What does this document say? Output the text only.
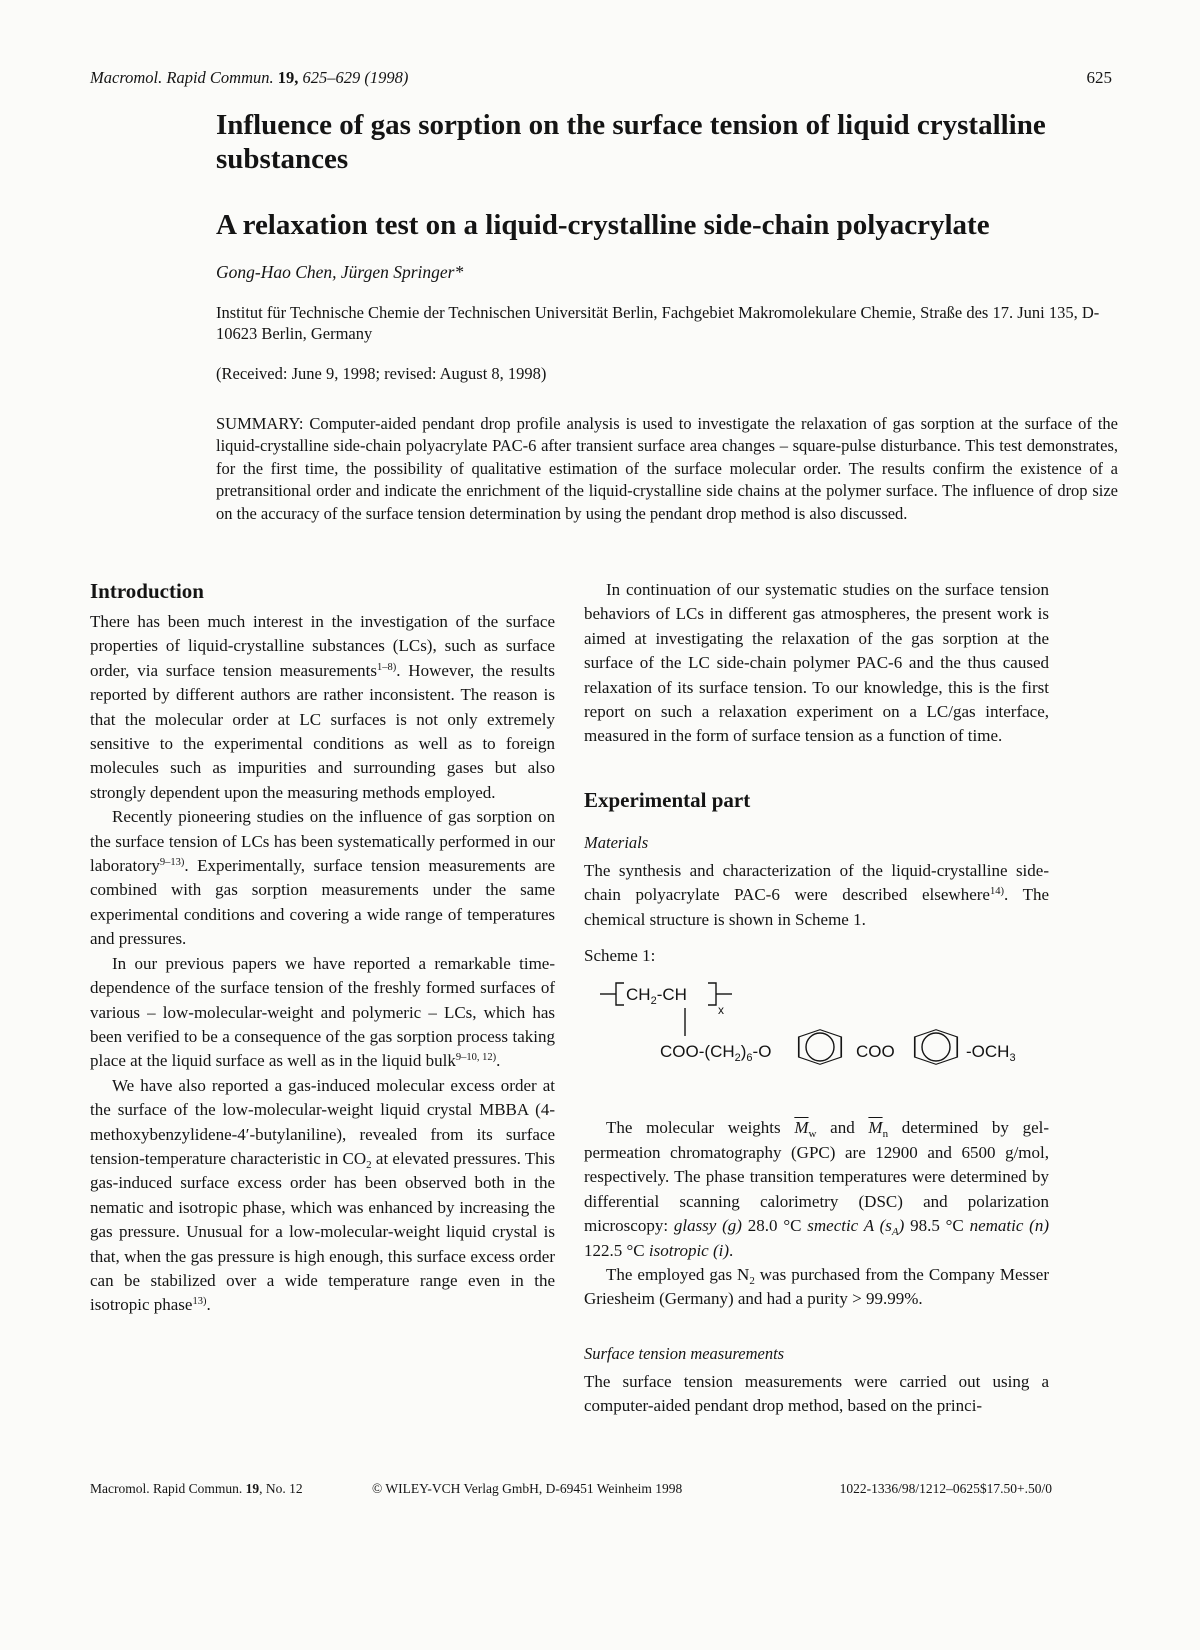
Macromol. Rapid Commun. 19, 625–629 (1998)	625
Influence of gas sorption on the surface tension of liquid crystalline substances
A relaxation test on a liquid-crystalline side-chain polyacrylate
Gong-Hao Chen, Jürgen Springer*
Institut für Technische Chemie der Technischen Universität Berlin, Fachgebiet Makromolekulare Chemie, Straße des 17. Juni 135, D-10623 Berlin, Germany
(Received: June 9, 1998; revised: August 8, 1998)
SUMMARY: Computer-aided pendant drop profile analysis is used to investigate the relaxation of gas sorption at the surface of the liquid-crystalline side-chain polyacrylate PAC-6 after transient surface area changes – square-pulse disturbance. This test demonstrates, for the first time, the possibility of qualitative estimation of the surface molecular order. The results confirm the existence of a pretransitional order and indicate the enrichment of the liquid-crystalline side chains at the polymer surface. The influence of drop size on the accuracy of the surface tension determination by using the pendant drop method is also discussed.
Introduction

There has been much interest in the investigation of the surface properties of liquid-crystalline substances (LCs), such as surface order, via surface tension measurements$^{1-8)}$. However, the results reported by different authors are rather inconsistent. The reason is that the molecular order at LC surfaces is not only extremely sensitive to the experimental conditions as well as to foreign molecules such as impurities and surrounding gases but also strongly dependent upon the measuring methods employed.

Recently pioneering studies on the influence of gas sorption on the surface tension of LCs has been systematically performed in our laboratory$^{9-13)}$. Experimentally, surface tension measurements are combined with gas sorption measurements under the same experimental conditions and covering a wide range of temperatures and pressures.

In our previous papers we have reported a remarkable time-dependence of the surface tension of the freshly formed surfaces of various – low-molecular-weight and polymeric – LCs, which has been verified to be a consequence of the gas sorption process taking place at the liquid surface as well as in the liquid bulk$^{9-10, 12)}$.

We have also reported a gas-induced molecular excess order at the surface of the low-molecular-weight liquid crystal MBBA (4-methoxybenzylidene-4′-butylaniline), revealed from its surface tension-temperature characteristic in $CO_2$ at elevated pressures. This gas-induced surface excess order has been observed both in the nematic and isotropic phase, which was enhanced by increasing the gas pressure. Unusual for a low-molecular-weight liquid crystal is that, when the gas pressure is high enough, this surface excess order can be stabilized over a wide temperature range even in the isotropic phase$^{13)}$.

In continuation of our systematic studies on the surface tension behaviors of LCs in different gas atmospheres, the present work is aimed at investigating the relaxation of the gas sorption at the surface of the LC side-chain polymer PAC-6 and the thus caused relaxation of its surface tension. To our knowledge, this is the first report on such a relaxation experiment on a LC/gas interface, measured in the form of surface tension as a function of time.

Experimental part
Materials

The synthesis and characterization of the liquid-crystalline side-chain polyacrylate PAC-6 were described elsewhere$^{14)}$. The chemical structure is shown in Scheme 1.

Scheme 1:

$CH_2-CH$
x
COO-$(CH_2)_6-O$	COO	$-OCH_3$

The molecular weights $\overline{M}_w$ and $\overline{M}_n$ determined by gel-permeation chromatography (GPC) are 12900 and 6500 g/mol, respectively. The phase transition temperatures were determined by differential scanning calorimetry (DSC) and polarization microscopy: glassy (g) 28.0 °C smectic A $(s_A)$ 98.5 °C nematic (n) 122.5 °C isotropic (i).

The employed gas $N_2$ was purchased from the Company Messer Griesheim (Germany) and had a purity > 99.99%.

Surface tension measurements

The surface tension measurements were carried out using a computer-aided pendant drop method, based on the princi-

Macromol. Rapid Commun. 19, No. 12	© WILEY-VCH Verlag GmbH, D-69451 Weinheim 1998	1022-1336/98/1212–0625$17.50+.50/0
